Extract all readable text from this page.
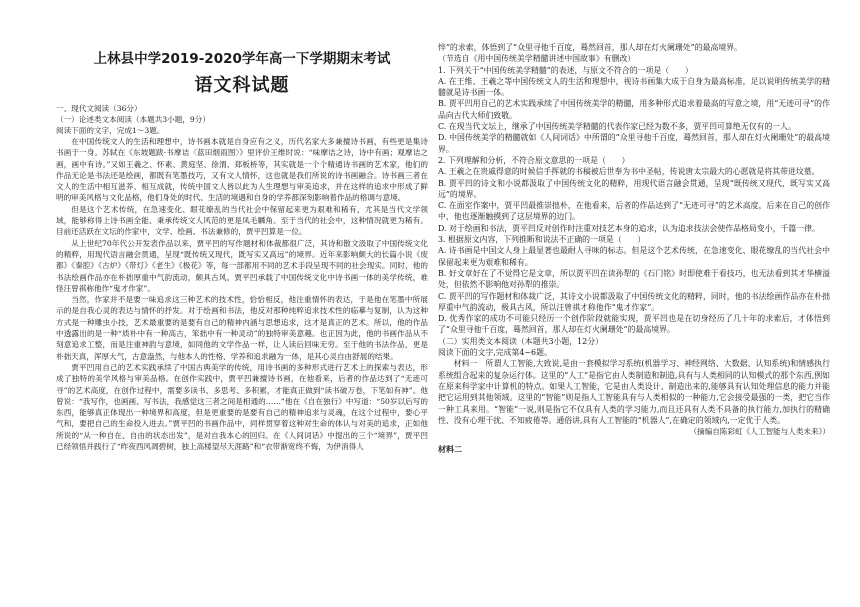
上林县中学2019-2020学年高一下学期期末考试
语文科试题
一、现代文阅读（36分）
（一）论述类文本阅读（本题共3小题，9分）
阅读下面的文字，完成1～3题。

在中国传统文人的生活和理想中，诗书画本就是自身应有之义，历代名家大多兼擅诗书画，有些更是集诗书画于一身。苏轼在《东坡题跋·书摩诘〈蓝田烟雨图〉》里评价王维时说：“味摩诘之诗，诗中有画；观摩诘之画，画中有诗。”又如王羲之、怀素、黄庭坚、徐渭、郑板桥等，其实就是一个个精通诗书画的艺术家，他们的作品无论是书法还是绘画，都既有笔墨技巧，又有文人情怀，这也就是我们所说的诗书画融合。诗书画三者在文人的生活中相互滋养、相互成就，传统中国文人皆以此为人生理想与审美追求，并在这样的追求中形成了鲜明的审美风格与文化品格，他们身处的时代、生活的境遇和自身的学养都深刻影响着作品的格调与意境。

但是这个艺术传统，在急速变化、眼花缭乱的当代社会中保留起来更为艰难和稀有，尤其是当代文学领域，能够称得上诗书画全能、秉承传统文人风范的更是凤毛麟角。至于当代的社会中，这种情况就更为稀有。目前还活跃在文坛的作家中，文学、绘画、书法兼修的，贾平凹算是一位。

从上世纪70年代公开发表作品以来，贾平凹的写作题材和体裁都很广泛，其诗和散文汲取了中国传统文化的精粹，用现代语言融会贯通，呈现“既传统又现代，既写实又高远”的境界。近年来影响颇大的长篇小说《废都》《秦腔》《古炉》《带灯》《老生》《极花》等，每一部都用不同的艺术手段呈现不同的社会现实。同时，他的书法绘画作品亦在朴拙厚重中气韵流动，颇具古风。贾平凹承载了中国传统文化中诗书画一体的美学传统，难怪汪曾祺称他作“鬼才作家”。

当然，作家并不是要一味追求这三种艺术的技术性，恰恰相反，他注重情怀的表达，于是他在笔墨中所展示的是自我心灵的表达与情怀的抒发。对于绘画和书法，他反对那种纯粹追求技术性的临摹与复制，认为这种方式是一种雕虫小技，艺术最重要的是要有自己的精神内涵与思想追求，这才是真正的艺术。所以，他的作品中透露出的是一种“质朴中有一种高古，笨拙中有一种灵动”的独特审美意趣。也正因为此，他的书画作品从不刻意追求工整，而是注重神韵与意境，如同他的文学作品一样，让人读后回味无穷。至于他的书法作品，更是朴拙天真，浑厚大气，古意盎然，与他本人的性格、学养和追求融为一体，是其心灵自由舒展的结果。

贾平凹用自己的艺术实践承续了中国古典美学的传统，用诗书画的多种形式进行艺术上的探索与表达，形成了独特的美学风格与审美品格。在创作实践中，贾平凹兼擅诗书画，在他看来，后者的作品达到了“无迹可寻”的艺术高度，在创作过程中，需要多读书、多思考、多积累，才能真正做到“读书破万卷，下笔如有神”。他曾说：“我写作，也画画、写书法，我感觉这三者之间是相通的……”他在《自在独行》中写道：“50岁以后写的东西，能够真正体现出一种境界和高度，但是更重要的是要有自己的精神追求与灵魂，在这个过程中，要心平气和，要把自己的生命投入进去。”贾平凹的书画作品中，同样贯穿着这种对生命的体认与对美的追求，正如他所说的“从一种自在、自由的状态出发”，是对自我本心的回归。在《人间词话》中提出的三个“境界”，贾平凹已经领悟并践行了“昨夜西风凋碧树，独上高楼望尽天涯路”和“衣带渐宽终不悔，为伊消得人

悴”的求索，体悟到了“众里寻他千百度，蓦然回首，那人却在灯火阑珊处”的最高境界。
（节选自《用中国传统美学精髓讲述中国故事》有删改）
1. 下列关于“中国传统美学精髓”的表述，与原文不符合的一项是（　　）
A. 在王维、王羲之等中国传统文人的生活和理想中，视诗书画集大成于自身为最高标准，足以说明传统美学的精髓就是诗书画一体。
B. 贾平凹用自己的艺术实践承续了中国传统美学的精髓，用多种形式追求着最高的写意之境，用“无迹可寻”的作品向古代大师们致敬。
C. 在现当代文坛上，继承了中国传统美学精髓的代表作家已经为数不多，贾平凹可算绝无仅有的一人。
D. 中国传统美学的精髓就如《人间词话》中所谓的“众里寻他千百度，蓦然回首，那人却在灯火阑珊处”的最高境界。
2. 下列理解和分析，不符合原文意思的一项是（　　）
A. 王羲之在贵戚得意的时候信手挥就的书稿被后世奉为书中圣帖，传说唐太宗最大的心愿就是将其带进坟墓。
B. 贾平凹的诗文和小说都汲取了中国传统文化的精粹，用现代语言融会贯通，呈现“既传统又现代，既写实又高远”的境界。
C. 在面室作案中，贾平凹最推崇拙朴，在他看来，后者的作品达到了“无迹可寻”的艺术高度，后来在自己的创作中，他也逐渐触摸到了这层境界的边门。
D. 对于绘画和书法，贾平凹反对创作时注重对技艺本身的追求，认为追求技法会使作品格局变小，千篇一律。
3. 根据原文内容，下列推断和说法不正确的一项是（　　）
A. 诗书画是中国文人身上最显著也最耐人寻味的标志。但是这个艺术传统，在急速变化、眼花缭乱的当代社会中保留起来更为艰难和稀有。
B. 好文章好在了不觉得它是文章，所以贾平凹在读孙犁的《石门铭》时即使难于看技巧，也无法看到其才华横溢处，但依然不影响他对孙犁的推崇。
C. 贾平凹的写作题材和体裁广泛，其诗文小说都汲取了中国传统文化的精粹，同时，他的书法绘画作品亦在朴拙厚重中气韵流动，极具古风，所以汪曾祺才称他作“鬼才作家”。
D. 优秀作家的成功不可能只经历一个创作阶段就能实现，贾平凹也是在切身经历了几十年的求索后，才体悟到了“众里寻他千百度，蓦然回首，那人却在灯火阑珊处”的最高境界。
（二）实用类文本阅读（本题共3小题，12分）
阅读下面的文字,完成第4~6题。
材料一　所谓人工智能,大致说,是由一套模拟学习系统(机器学习、神经网络、大数据、认知系统)和情感执行系统组合起来的复杂运行体。这里的“人工”是指它由人类制造和制造,具有与人类相同的认知模式的那个东西,例如在原来科学家中计算机的特点。如果人工智能，它是由人类设计、制造出来的,能够具有认知处理信息的能力并能把它运用到其他领域。这里的“智能”则是指人工智能具有与人类相似的一种能力,它会接受最强的一类，把它当作一种工具来用。“智能”一说,则是指它不仅具有人类的学习能力,而且还具有人类不具备的执行能力,加执行的精确性、没有心理干扰、不知疲倦等。通俗讲,具有人工智能的“机器人”,在确定的领域内,一定优于人类。
（摘编自陈彩虹《人工智能与人类未来》）
材料二
